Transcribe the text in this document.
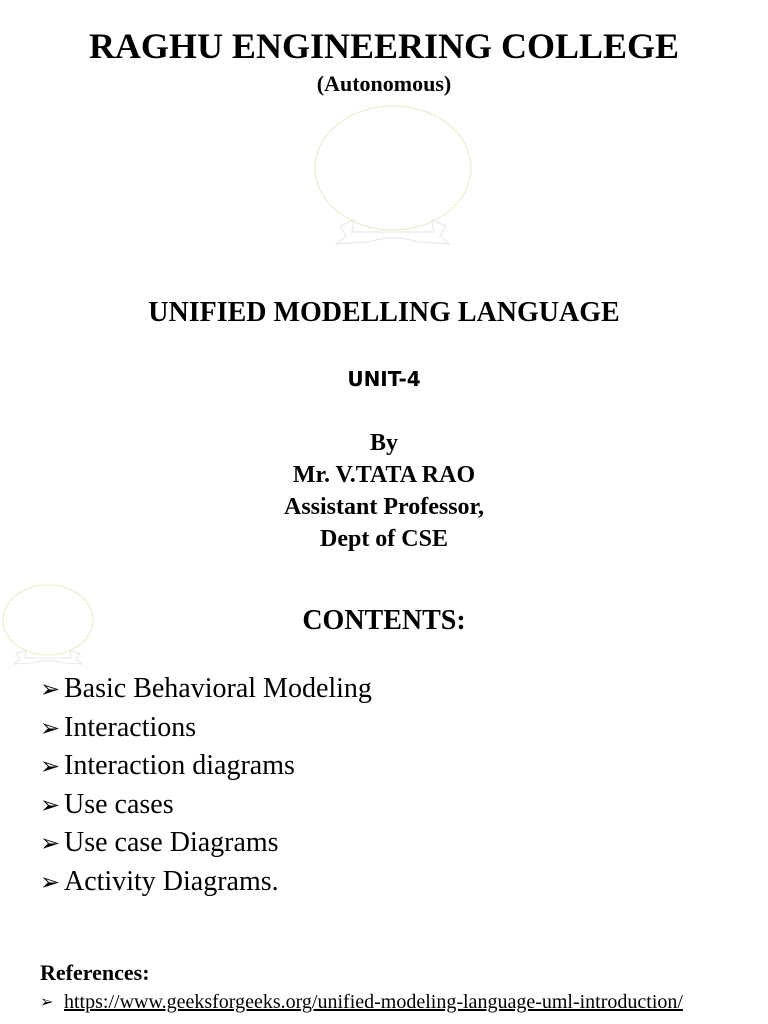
RAGHU ENGINEERING COLLEGE
(Autonomous)
UNIFIED MODELLING LANGUAGE
UNIT-4
By
Mr. V.TATA RAO
Assistant Professor,
Dept of CSE
CONTENTS:
➢ Basic Behavioral Modeling
➢ Interactions
➢ Interaction diagrams
➢ Use cases
➢ Use case Diagrams
➢ Activity Diagrams.
References:
➢ https://www.geeksforgeeks.org/unified-modeling-language-uml-introduction/
